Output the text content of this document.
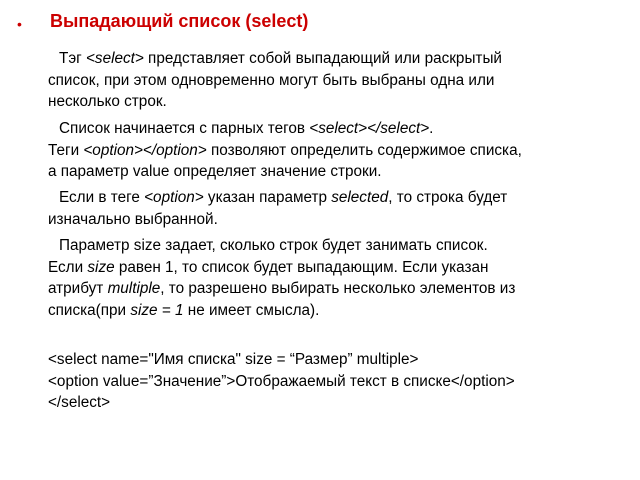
• Выпадающий список (select)
Тэг <select> представляет собой выпадающий или раскрытый
список, при этом одновременно могут быть выбраны одна или
несколько строк.
Список начинается с парных тегов <select></select>.
Теги <option></option> позволяют определить содержимое списка,
а параметр value определяет значение строки.
Если в теге <option> указан параметр selected, то строка будет
изначально выбранной.
Параметр size задает, сколько строк будет занимать список.
Если size равен 1, то список будет выпадающим. Если указан
атрибут multiple, то разрешено выбирать несколько элементов из
списка(при size = 1 не имеет смысла).
<select name="Имя списка" size = “Размер” multiple>
<option value=”Значение”>Отображаемый текст в списке</option>
</select>
